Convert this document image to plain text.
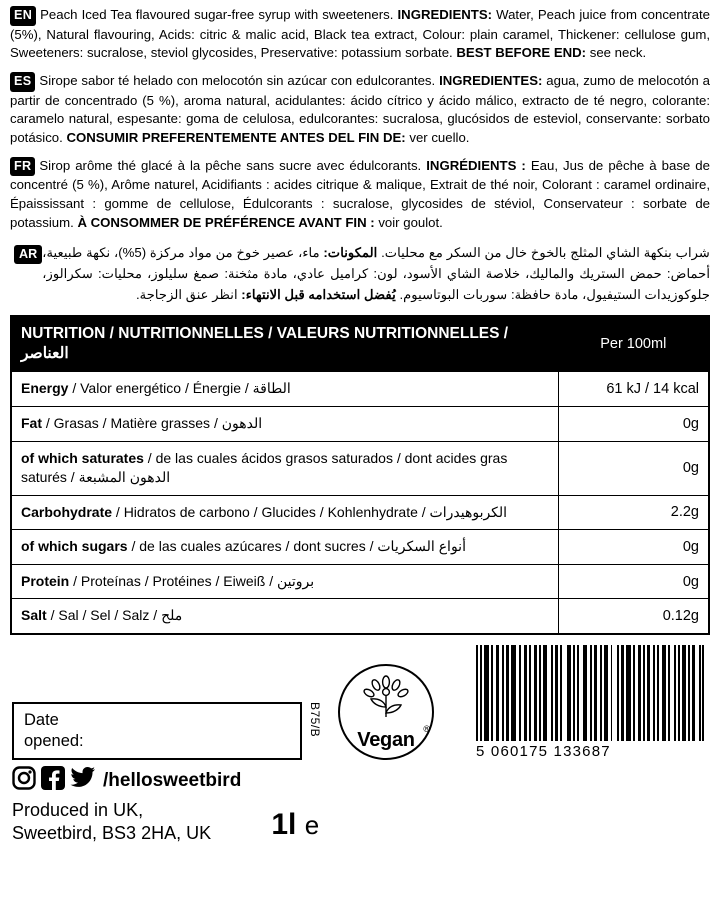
EN Peach Iced Tea flavoured sugar-free syrup with sweeteners. INGREDIENTS: Water, Peach juice from concentrate (5%), Natural flavouring, Acids: citric & malic acid, Black tea extract, Colour: plain caramel, Thickener: cellulose gum, Sweeteners: sucralose, steviol glycosides, Preservative: potassium sorbate. BEST BEFORE END: see neck.
ES Sirope sabor té helado con melocotón sin azúcar con edulcorantes. INGREDIENTES: agua, zumo de melocotón a partir de concentrado (5 %), aroma natural, acidulantes: ácido cítrico y ácido málico, extracto de té negro, colorante: caramelo natural, espesante: goma de celulosa, edulcorantes: sucralosa, glucósidos de esteviol, conservante: sorbato potásico. CONSUMIR PREFERENTEMENTE ANTES DEL FIN DE: ver cuello.
FR Sirop arôme thé glacé à la pêche sans sucre avec édulcorants. INGRÉDIENTS : Eau, Jus de pêche à base de concentré (5 %), Arôme naturel, Acidifiants : acides citrique & malique, Extrait de thé noir, Colorant : caramel ordinaire, Épaississant : gomme de cellulose, Édulcorants : sucralose, glycosides de stéviol, Conservateur : sorbate de potassium. À CONSOMMER DE PRÉFÉRENCE AVANT FIN : voir goulot.
AR	شراب بنكهة الشاي المثلج بالخوخ خال من السكر مع محليات. المكونات: ماء، عصير خوخ من مواد مركزة (5%)، نكهة طبيعية، أحماض: حمض الستريك والماليك، خلاصة الشاي الأسود، لون: كراميل عادي، مادة مثخنة: صمغ سليلوز، محليات: سكرالوز، جلوكوزيدات الستيفيول، مادة حافظة: سوربات البوتاسيوم. يُفضل استخدامه قبل الانتهاء: انظر عنق الزجاجة.
NUTRITION / NUTRITIONNELLES / VALEURS NUTRITIONNELLES / العناصر	Per 100ml
Energy / Valor energético / Énergie / الطاقة	61 kJ / 14 kcal
Fat / Grasas / Matière grasses / الدهون	0g
of which saturates / de las cuales ácidos grasos saturados / dont acides gras saturés / الدهون المشبعة	0g
Carbohydrate / Hidratos de carbono / Glucides / Kohlenhydrate / الكربوهيدرات	2.2g
of which sugars / de las cuales azúcares / dont sucres / أنواع السكريات	0g
Protein / Proteínas / Protéines / Eiweiß / بروتين	0g
Salt / Sal / Sel / Salz / ملح	0.12g
Date
opened:
B75/B
Vegan ®
5 060175 133687
/hellosweetbird
Produced in UK,
Sweetbird, BS3 2HA, UK	1l e
